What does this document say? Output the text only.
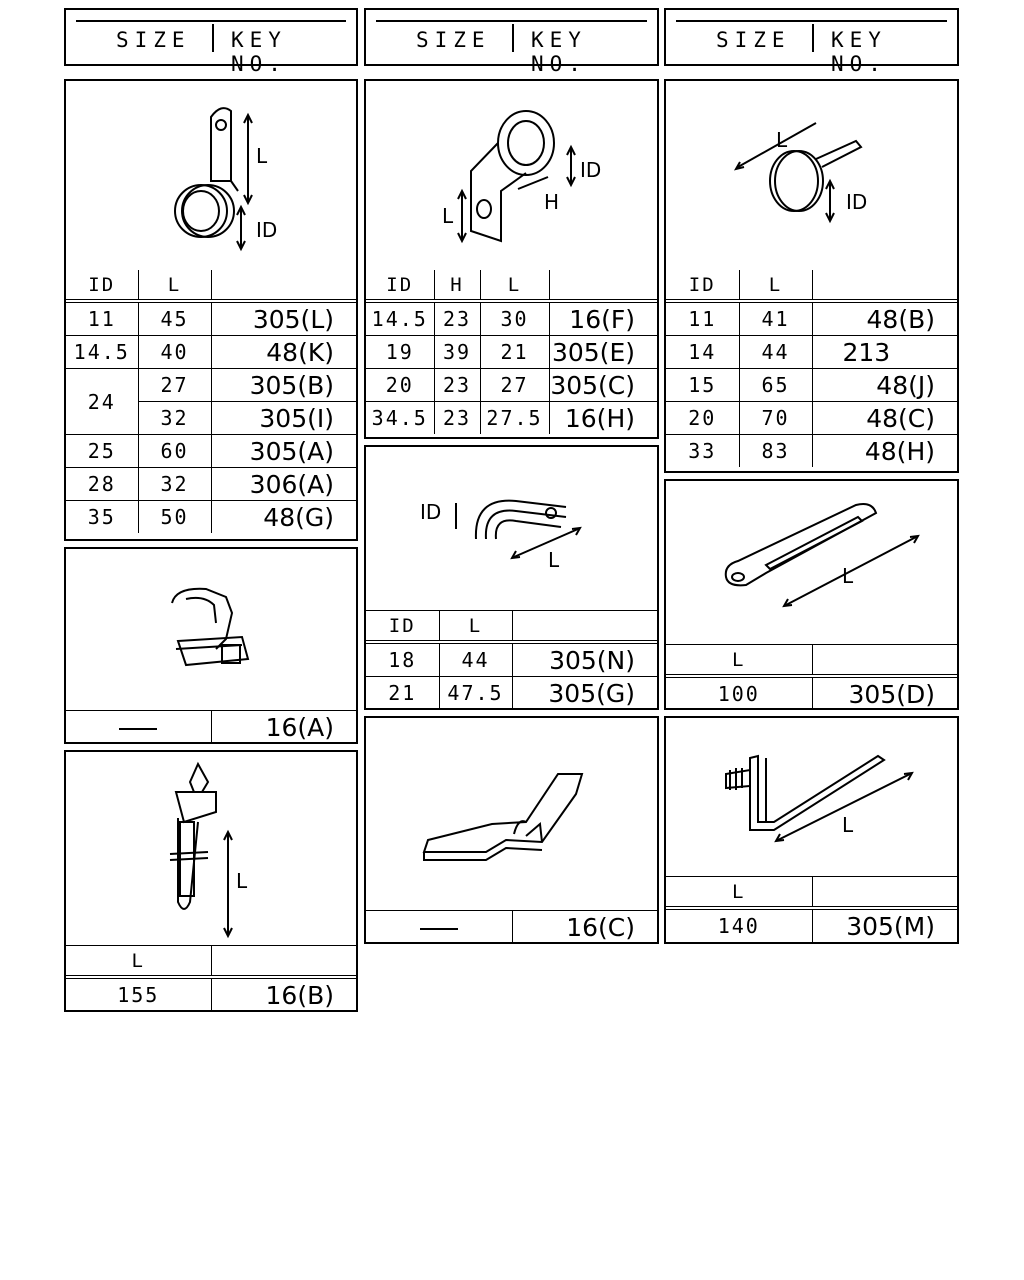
SIZE KEY NO.
SIZE KEY NO.
SIZE KEY NO.
L
ID
ID	L	
11	45	305(L)
14.5	40	48(K)
24	27	305(B)
	32	305(I)
25	60	305(A)
28	32	306(A)
35	50	48(G)
ID
H
L
ID	H	L	
14.5	23	30	16(F)
19	39	21	305(E)
20	23	27	305(C)
34.5	23	27.5	16(H)
L
ID
ID	L	
11	41	48(B)
14	44	213
15	65	48(J)
20	70	48(C)
33	83	48(H)
	16(A)
ID
L
ID	L	
18	44	305(N)
21	47.5	305(G)
L
L	
100	305(D)
L
L	
155	16(B)
	16(C)
L
L	
140	305(M)
